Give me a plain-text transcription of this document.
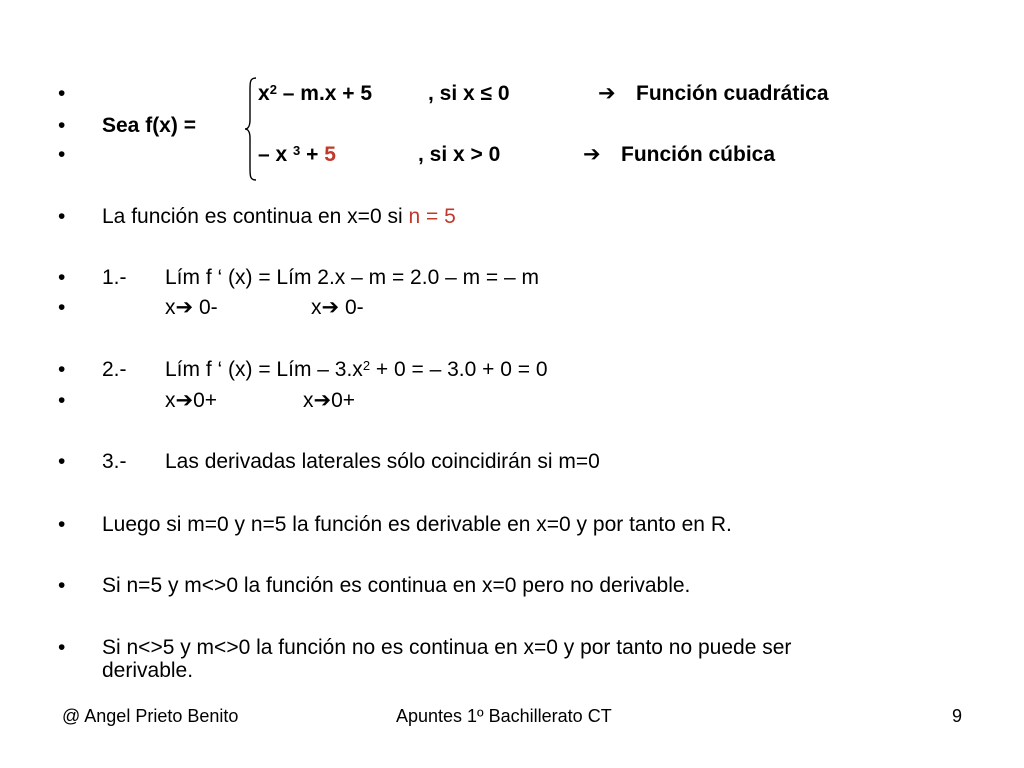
•	$x^2 - m.x + 5$	, si x ≤ 0	➔ Función cuadrática
•	Sea f(x) =
•	– x $^3$ + 5	, si x > 0	➔ Función cúbica
•	La función es continua en x=0 si n = 5
•	1.- Lím f ‘ (x) = Lím 2.x – m = 2.0 – m = – m
•	x➔ 0-	x➔ 0-
•	2.- Lím f ‘ (x) = Lím – $3.x^2 + 0$ = – 3.0 + 0 = 0
•	x➔0+	x➔0+
•	3.- Las derivadas laterales sólo coincidirán si m=0
•	Luego si m=0 y n=5 la función es derivable en x=0 y por tanto en R.
•	Si n=5 y m<>0 la función es continua en x=0 pero no derivable.
•	Si n<>5 y m<>0 la función no es continua en x=0 y por tanto no puede ser
derivable.
@ Angel Prieto Benito	Apuntes 1º Bachillerato CT	9
